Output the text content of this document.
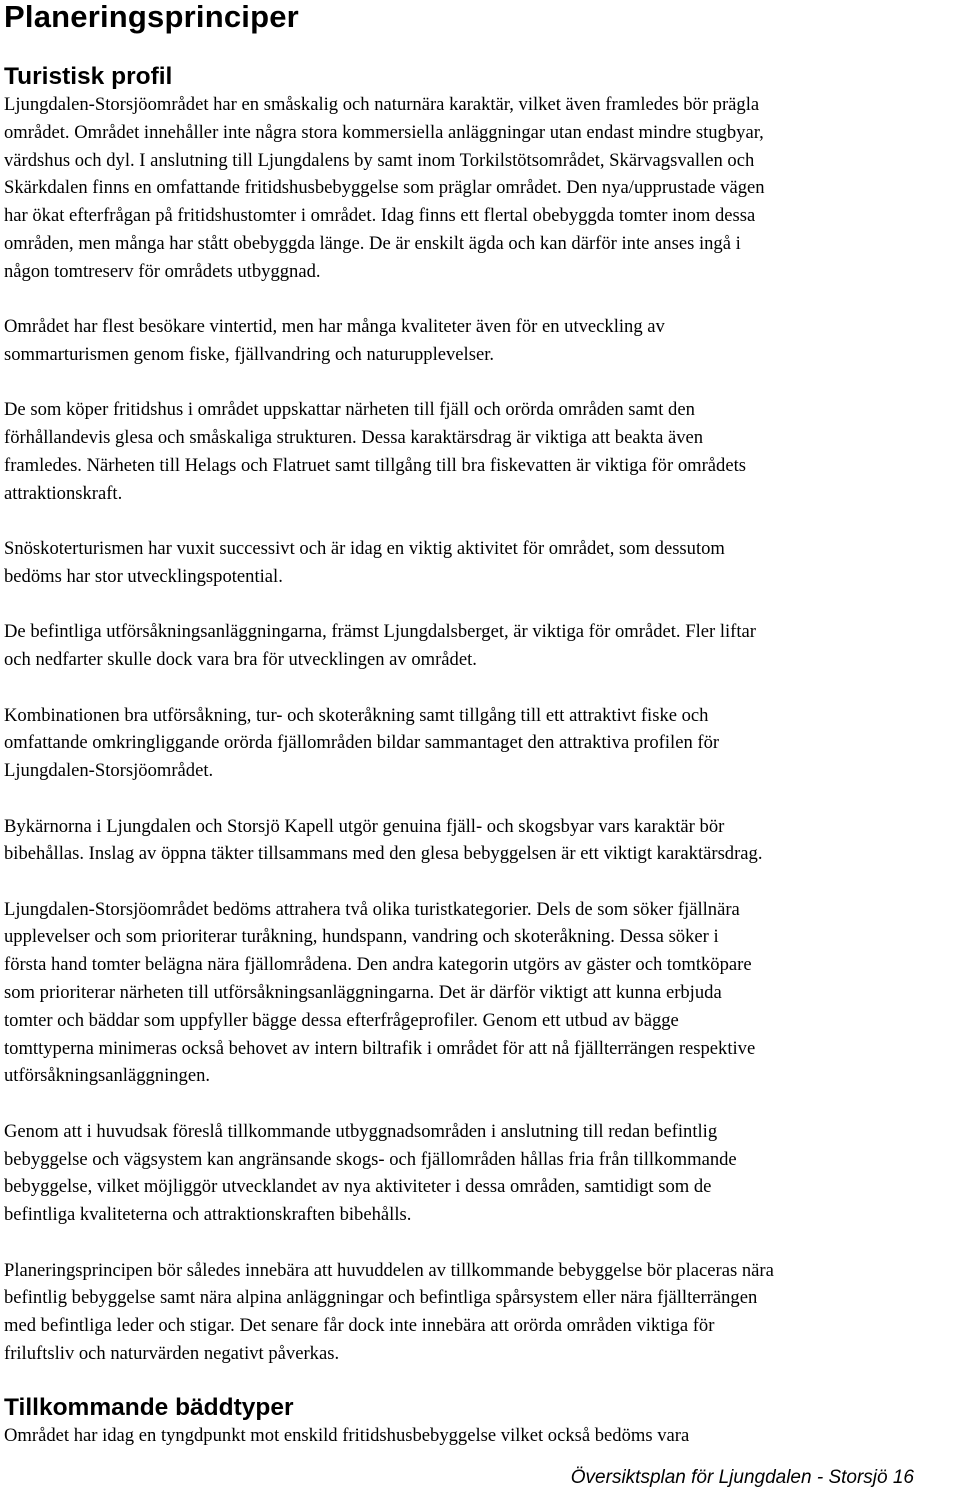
Planeringsprinciper
Turistisk profil

Ljungdalen-Storsjöområdet har en småskalig och naturnära karaktär, vilket även framledes bör prägla
området. Området innehåller inte några stora kommersiella anläggningar utan endast mindre stugbyar,
värdshus och dyl. I anslutning till Ljungdalens by samt inom Torkilstötsområdet, Skärvagsvallen och
Skärkdalen finns en omfattande fritidshusbebyggelse som präglar området. Den nya/upprustade vägen
har ökat efterfrågan på fritidshustomter i området. Idag finns ett flertal obebyggda tomter inom dessa
områden, men många har stått obebyggda länge. De är enskilt ägda och kan därför inte anses ingå i
någon tomtreserv för områdets utbyggnad.

Området har flest besökare vintertid, men har många kvaliteter även för en utveckling av
sommarturismen genom fiske, fjällvandring och naturupplevelser.

De som köper fritidshus i området uppskattar närheten till fjäll och orörda områden samt den
förhållandevis glesa och småskaliga strukturen. Dessa karaktärsdrag är viktiga att beakta även
framledes. Närheten till Helags och Flatruet samt tillgång till bra fiskevatten är viktiga för områdets
attraktionskraft.

Snöskoterturismen har vuxit successivt och är idag en viktig aktivitet för området, som dessutom
bedöms har stor utvecklingspotential.

De befintliga utförsåkningsanläggningarna, främst Ljungdalsberget, är viktiga för området. Fler liftar
och nedfarter skulle dock vara bra för utvecklingen av området.

Kombinationen bra utförsåkning, tur- och skoteråkning samt tillgång till ett attraktivt fiske och
omfattande omkringliggande orörda fjällområden bildar sammantaget den attraktiva profilen för
Ljungdalen-Storsjöområdet.

Bykärnorna i Ljungdalen och Storsjö Kapell utgör genuina fjäll- och skogsbyar vars karaktär bör
bibehållas. Inslag av öppna täkter tillsammans med den glesa bebyggelsen är ett viktigt karaktärsdrag.

Ljungdalen-Storsjöområdet bedöms attrahera två olika turistkategorier. Dels de som söker fjällnära
upplevelser och som prioriterar turåkning, hundspann, vandring och skoteråkning. Dessa söker i
första hand tomter belägna nära fjällområdena. Den andra kategorin utgörs av gäster och tomtköpare
som prioriterar närheten till utförsåkningsanläggningarna. Det är därför viktigt att kunna erbjuda
tomter och bäddar som uppfyller bägge dessa efterfrågeprofiler. Genom ett utbud av bägge
tomttyperna minimeras också behovet av intern biltrafik i området för att nå fjällterrängen respektive
utförsåkningsanläggningen.

Genom att i huvudsak föreslå tillkommande utbyggnadsområden i anslutning till redan befintlig
bebyggelse och vägsystem kan angränsande skogs- och fjällområden hållas fria från tillkommande
bebyggelse, vilket möjliggör utvecklandet av nya aktiviteter i dessa områden, samtidigt som de
befintliga kvaliteterna och attraktionskraften bibehålls.

Planeringsprincipen bör således innebära att huvuddelen av tillkommande bebyggelse bör placeras nära
befintlig bebyggelse samt nära alpina anläggningar och befintliga spårsystem eller nära fjällterrängen
med befintliga leder och stigar. Det senare får dock inte innebära att orörda områden viktiga för
friluftsliv och naturvärden negativt påverkas.

Tillkommande bäddtyper

Området har idag en tyngdpunkt mot enskild fritidshusbebyggelse vilket också bedöms vara

Översiktsplan för Ljungdalen - Storsjö 16
